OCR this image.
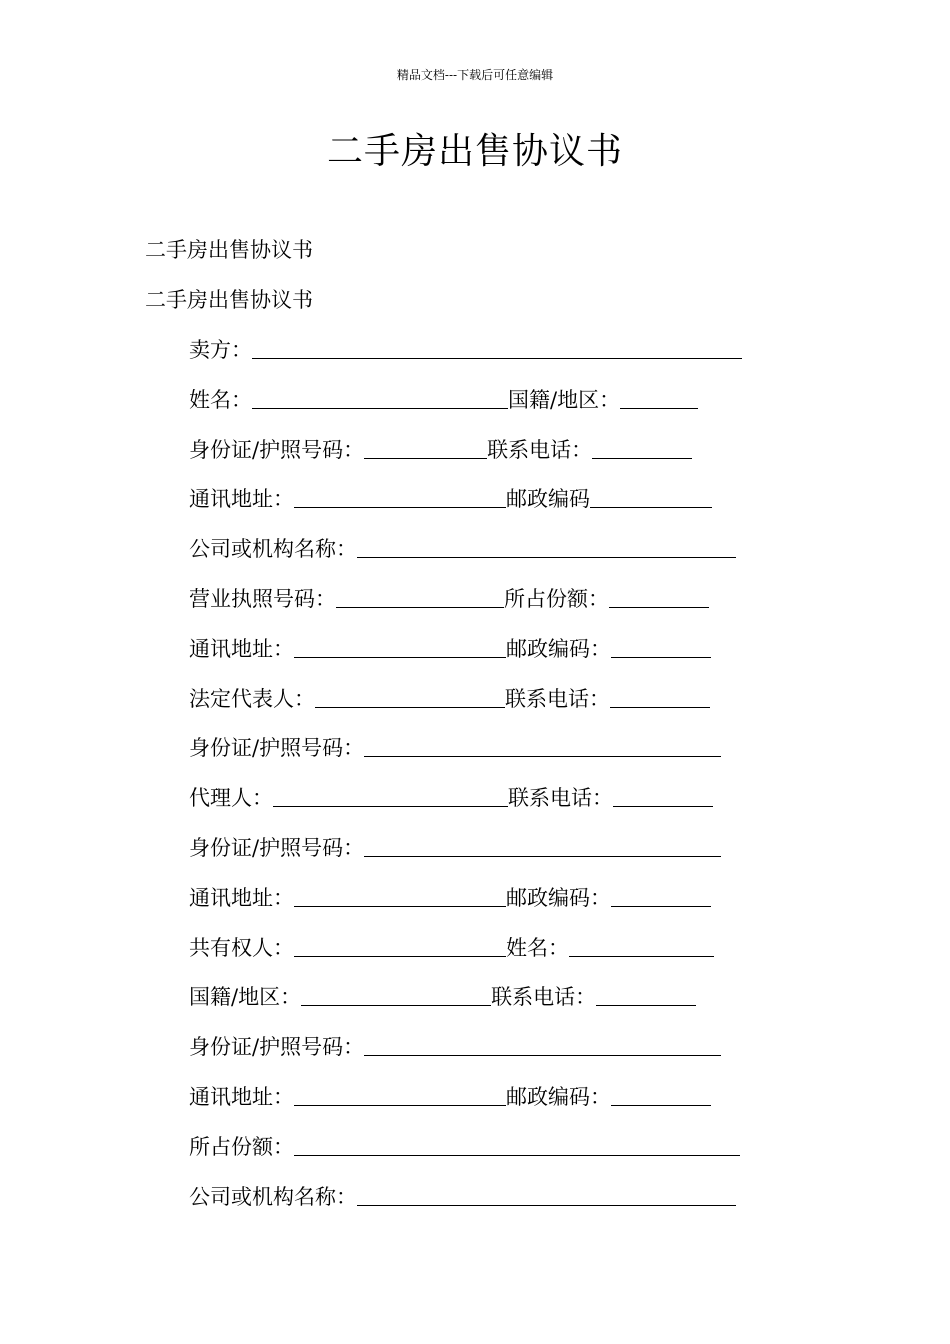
精品文档---下载后可任意编辑
二手房出售协议书
二手房出售协议书
二手房出售协议书
卖方：
姓名：	国籍/地区：
身份证/护照号码：	联系电话：
通讯地址：	邮政编码
公司或机构名称：
营业执照号码：	所占份额：
通讯地址：	邮政编码：
法定代表人：	联系电话：
身份证/护照号码：
代理人：	联系电话：
身份证/护照号码：
通讯地址：	邮政编码：
共有权人：	姓名：
国籍/地区：	联系电话：
身份证/护照号码：
通讯地址：	邮政编码：
所占份额：
公司或机构名称：
